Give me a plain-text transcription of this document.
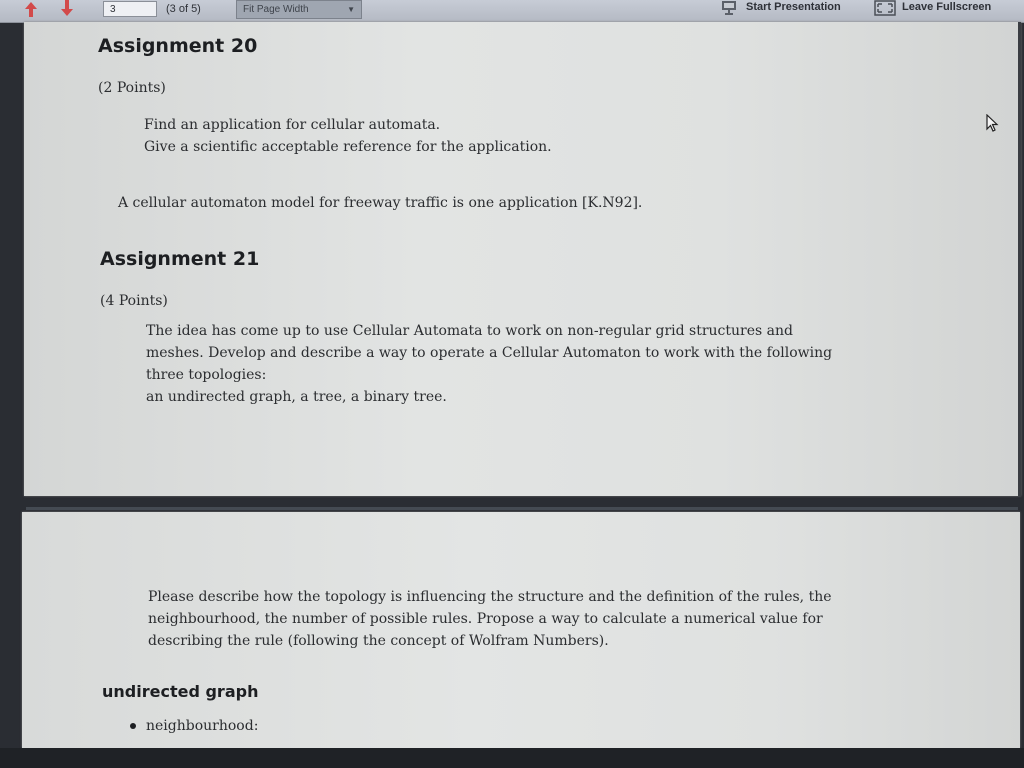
3	(3 of 5)	Fit Page Width	▼	Start Presentation	Leave Fullscreen
Assignment 20
(2 Points)
Find an application for cellular automata.
Give a scientific acceptable reference for the application.
A cellular automaton model for freeway traffic is one application [K.N92].
Assignment 21
(4 Points)
The idea has come up to use Cellular Automata to work on non-regular grid structures and
meshes. Develop and describe a way to operate a Cellular Automaton to work with the following
three topologies:
an undirected graph, a tree, a binary tree.
Please describe how the topology is influencing the structure and the definition of the rules, the
neighbourhood, the number of possible rules. Propose a way to calculate a numerical value for
describing the rule (following the concept of Wolfram Numbers).
undirected graph
neighbourhood:
